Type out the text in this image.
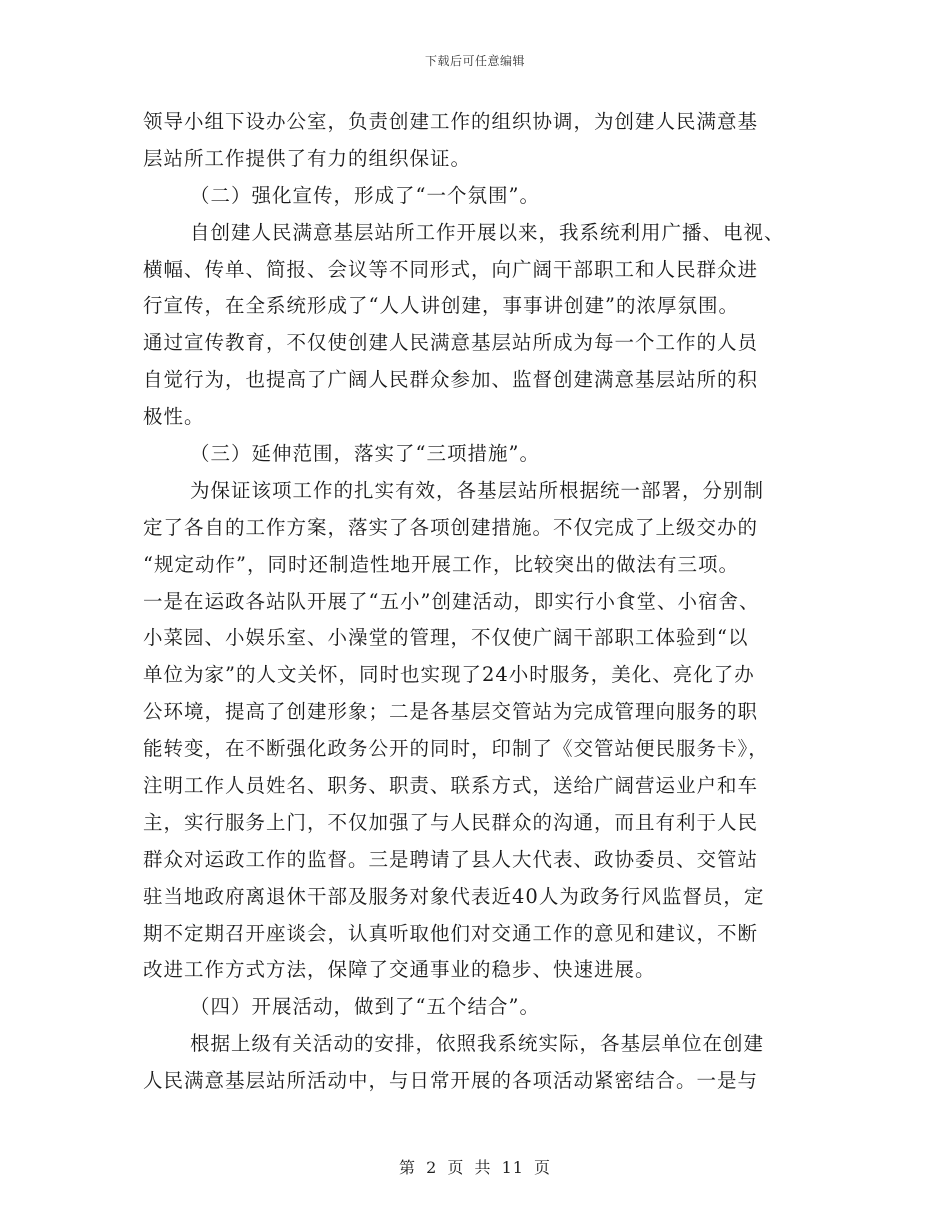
下载后可任意编辑
领导小组下设办公室，负责创建工作的组织协调，为创建人民满意基
层站所工作提供了有力的组织保证。
（二）强化宣传，形成了“一个氛围”。
自创建人民满意基层站所工作开展以来，我系统利用广播、电视、
横幅、传单、简报、会议等不同形式，向广阔干部职工和人民群众进
行宣传，在全系统形成了“人人讲创建，事事讲创建”的浓厚氛围。
通过宣传教育，不仅使创建人民满意基层站所成为每一个工作的人员
自觉行为，也提高了广阔人民群众参加、监督创建满意基层站所的积
极性。
（三）延伸范围，落实了“三项措施”。
为保证该项工作的扎实有效，各基层站所根据统一部署，分别制
定了各自的工作方案，落实了各项创建措施。不仅完成了上级交办的
“规定动作”，同时还制造性地开展工作，比较突出的做法有三项。
一是在运政各站队开展了“五小”创建活动，即实行小食堂、小宿舍、
小菜园、小娱乐室、小澡堂的管理，不仅使广阔干部职工体验到“以
单位为家”的人文关怀，同时也实现了24小时服务，美化、亮化了办
公环境，提高了创建形象；二是各基层交管站为完成管理向服务的职
能转变，在不断强化政务公开的同时，印制了《交管站便民服务卡》，
注明工作人员姓名、职务、职责、联系方式，送给广阔营运业户和车
主，实行服务上门，不仅加强了与人民群众的沟通，而且有利于人民
群众对运政工作的监督。三是聘请了县人大代表、政协委员、交管站
驻当地政府离退休干部及服务对象代表近40人为政务行风监督员，定
期不定期召开座谈会，认真听取他们对交通工作的意见和建议，不断
改进工作方式方法，保障了交通事业的稳步、快速进展。
（四）开展活动，做到了“五个结合”。
根据上级有关活动的安排，依照我系统实际，各基层单位在创建
人民满意基层站所活动中，与日常开展的各项活动紧密结合。一是与
第 2 页 共 11 页
